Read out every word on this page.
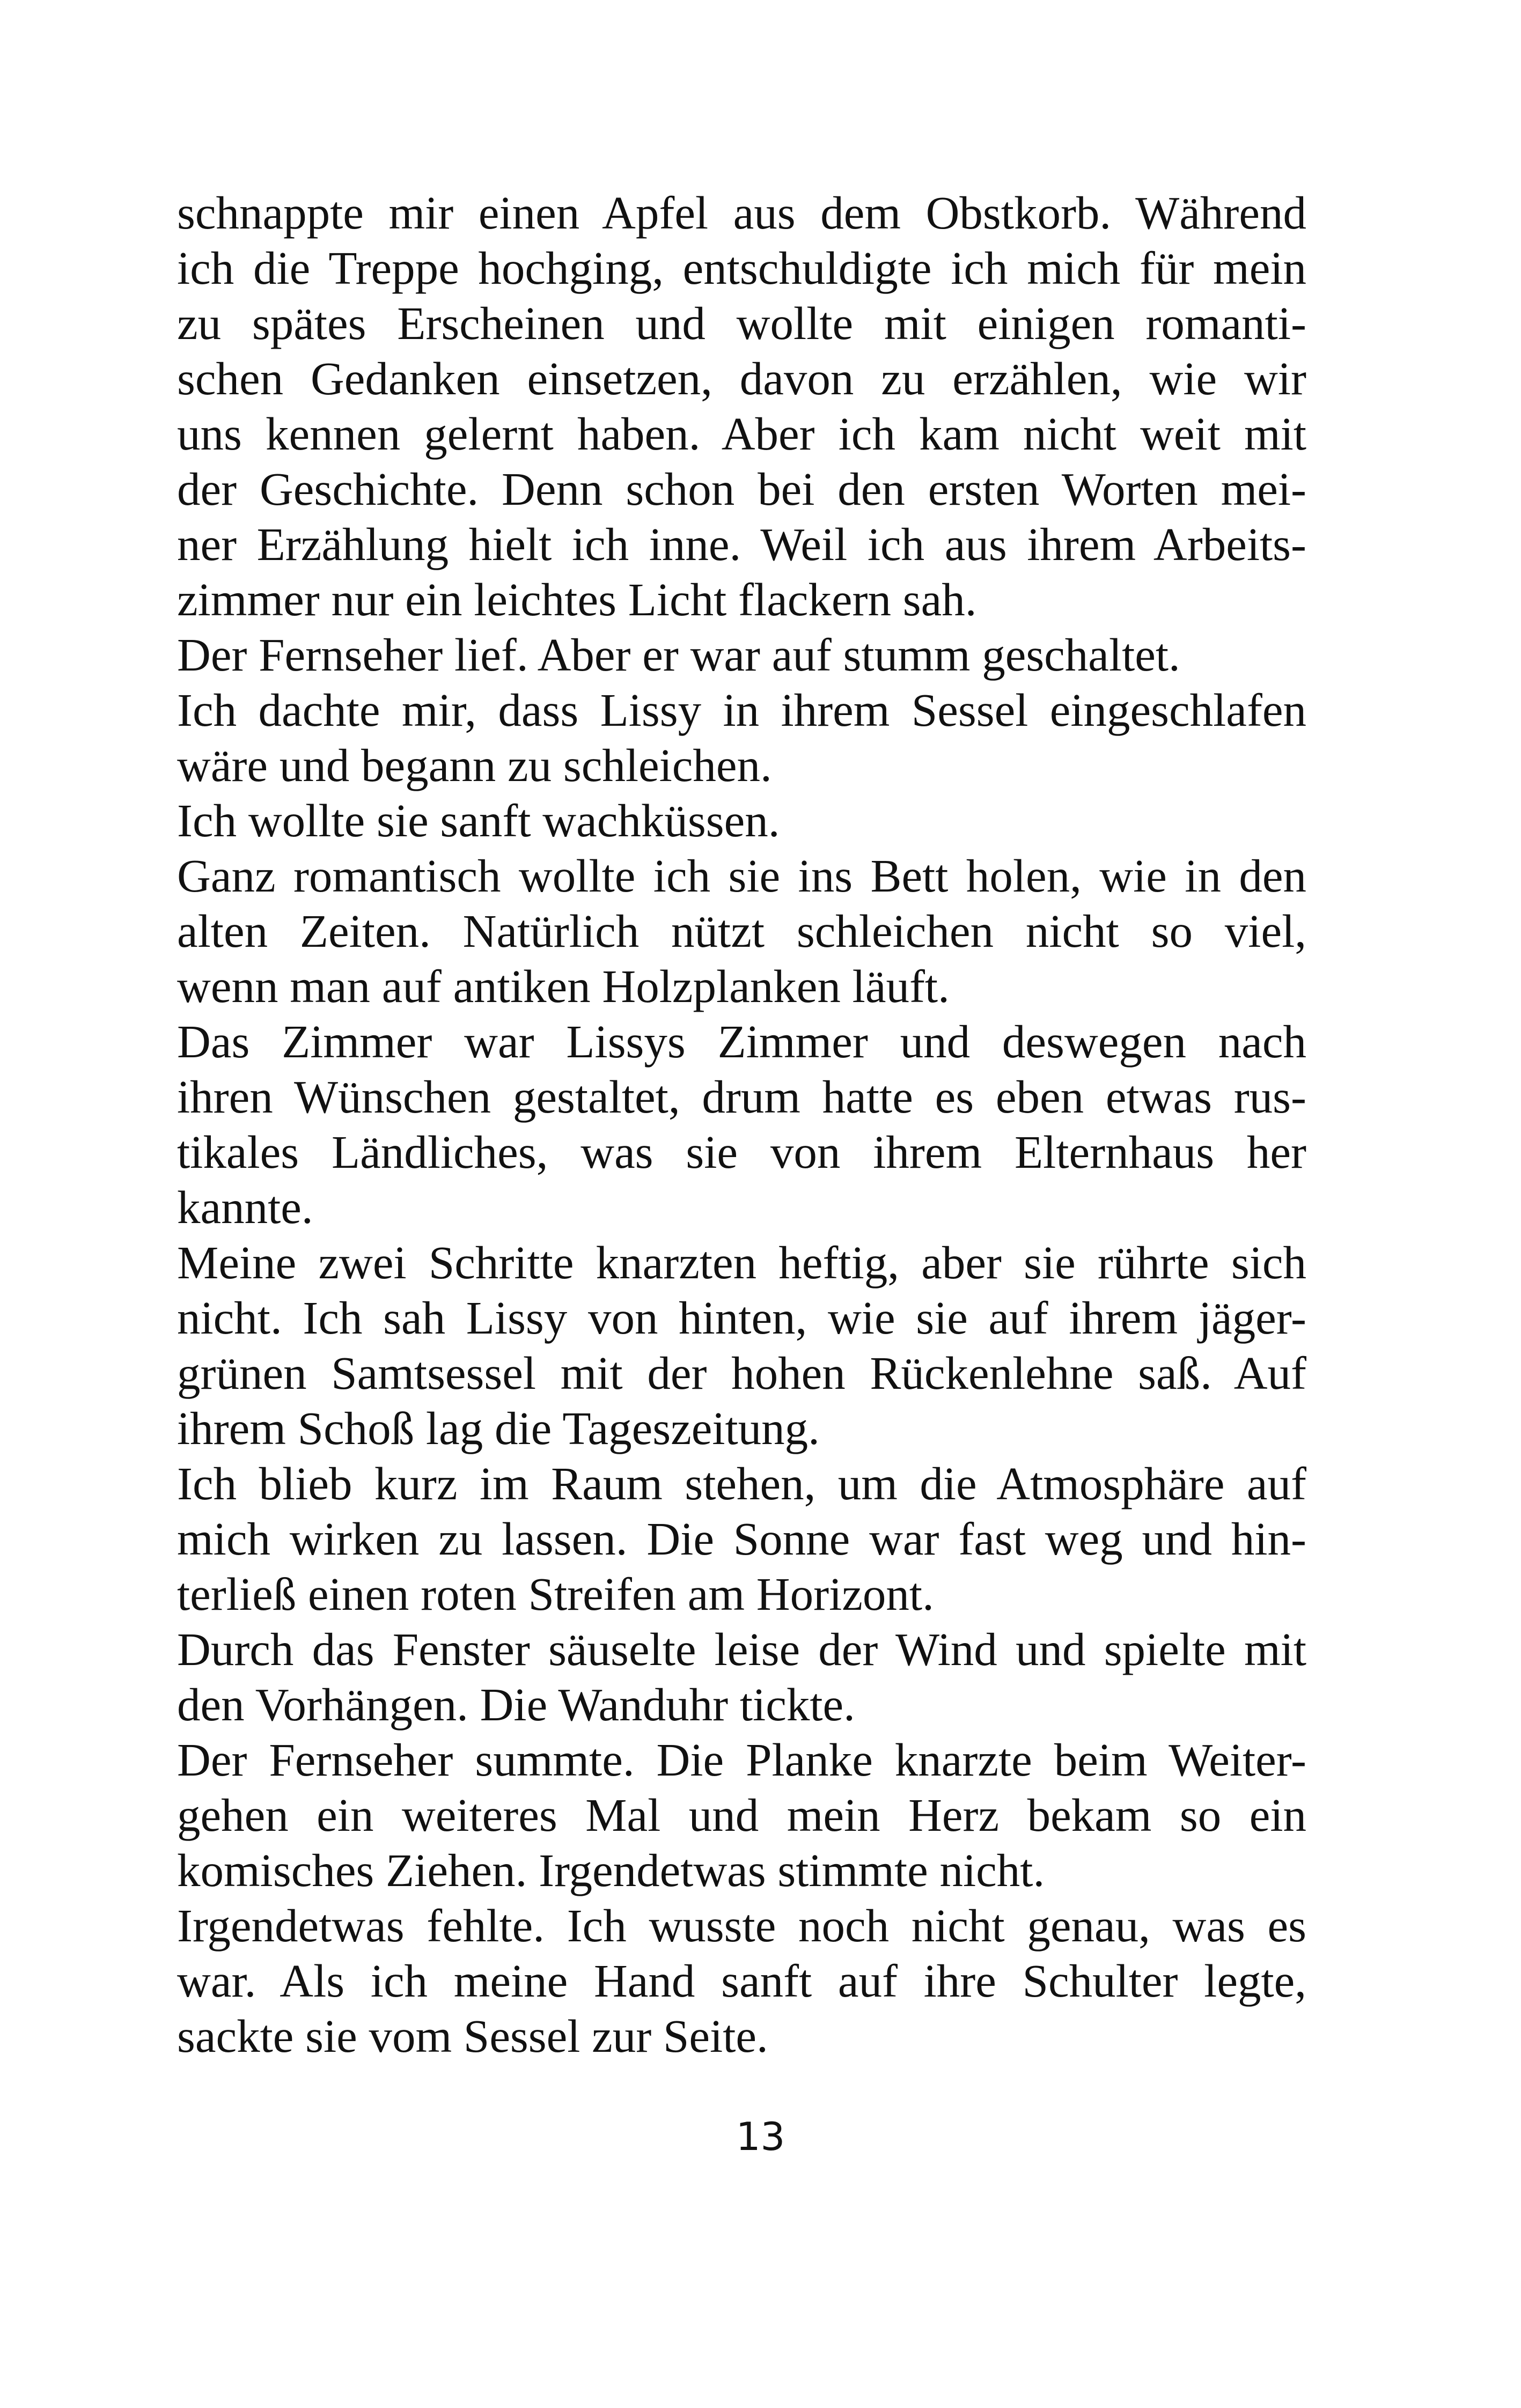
schnappte mir einen Apfel aus dem Obstkorb. Während
ich die Treppe hochging, entschuldigte ich mich für mein
zu spätes Erscheinen und wollte mit einigen romanti-
schen Gedanken einsetzen, davon zu erzählen, wie wir
uns kennen gelernt haben. Aber ich kam nicht weit mit
der Geschichte. Denn schon bei den ersten Worten mei-
ner Erzählung hielt ich inne. Weil ich aus ihrem Arbeits-
zimmer nur ein leichtes Licht flackern sah.

Der Fernseher lief. Aber er war auf stumm geschaltet.

Ich dachte mir, dass Lissy in ihrem Sessel eingeschlafen
wäre und begann zu schleichen.

Ich wollte sie sanft wachküssen.

Ganz romantisch wollte ich sie ins Bett holen, wie in den
alten Zeiten. Natürlich nützt schleichen nicht so viel,
wenn man auf antiken Holzplanken läuft.

Das Zimmer war Lissys Zimmer und deswegen nach
ihren Wünschen gestaltet, drum hatte es eben etwas rus-
tikales Ländliches, was sie von ihrem Elternhaus her
kannte.

Meine zwei Schritte knarzten heftig, aber sie rührte sich
nicht. Ich sah Lissy von hinten, wie sie auf ihrem jäger-
grünen Samtsessel mit der hohen Rückenlehne saß. Auf
ihrem Schoß lag die Tageszeitung.

Ich blieb kurz im Raum stehen, um die Atmosphäre auf
mich wirken zu lassen. Die Sonne war fast weg und hin-
terließ einen roten Streifen am Horizont.

Durch das Fenster säuselte leise der Wind und spielte mit
den Vorhängen. Die Wanduhr tickte.

Der Fernseher summte. Die Planke knarzte beim Weiter-
gehen ein weiteres Mal und mein Herz bekam so ein
komisches Ziehen. Irgendetwas stimmte nicht.

Irgendetwas fehlte. Ich wusste noch nicht genau, was es
war. Als ich meine Hand sanft auf ihre Schulter legte,
sackte sie vom Sessel zur Seite.

13
